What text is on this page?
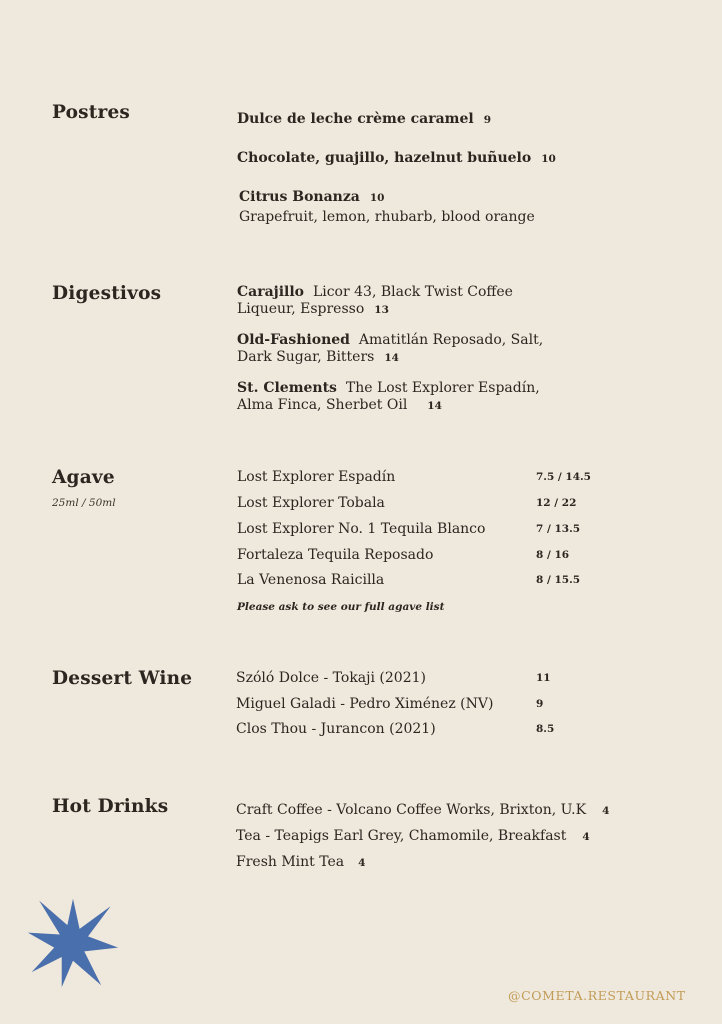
Postres	Dulce de leche crème caramel 9
Chocolate, guajillo, hazelnut buñuelo 10
Citrus Bonanza 10
Grapefruit, lemon, rhubarb, blood orange
Digestivos	Carajillo Licor 43, Black Twist Coffee
Liqueur, Espresso 13
Old-Fashioned Amatitlán Reposado, Salt,
Dark Sugar, Bitters 14
St. Clements The Lost Explorer Espadín,
Alma Finca, Sherbet Oil 14
Agave
25ml / 50ml
Lost Explorer Espadín	7.5 / 14.5
Lost Explorer Tobala	12 / 22
Lost Explorer No. 1 Tequila Blanco	7 / 13.5
Fortaleza Tequila Reposado	8 / 16
La Venenosa Raicilla	8 / 15.5
Please ask to see our full agave list
Dessert Wine	Szóló Dolce - Tokaji (2021)	11
Miguel Galadi - Pedro Ximénez (NV)	9
Clos Thou - Jurancon (2021)	8.5
Hot Drinks	Craft Coffee - Volcano Coffee Works, Brixton, U.K 4
Tea - Teapigs Earl Grey, Chamomile, Breakfast 4
Fresh Mint Tea 4
@COMETA.RESTAURANT
